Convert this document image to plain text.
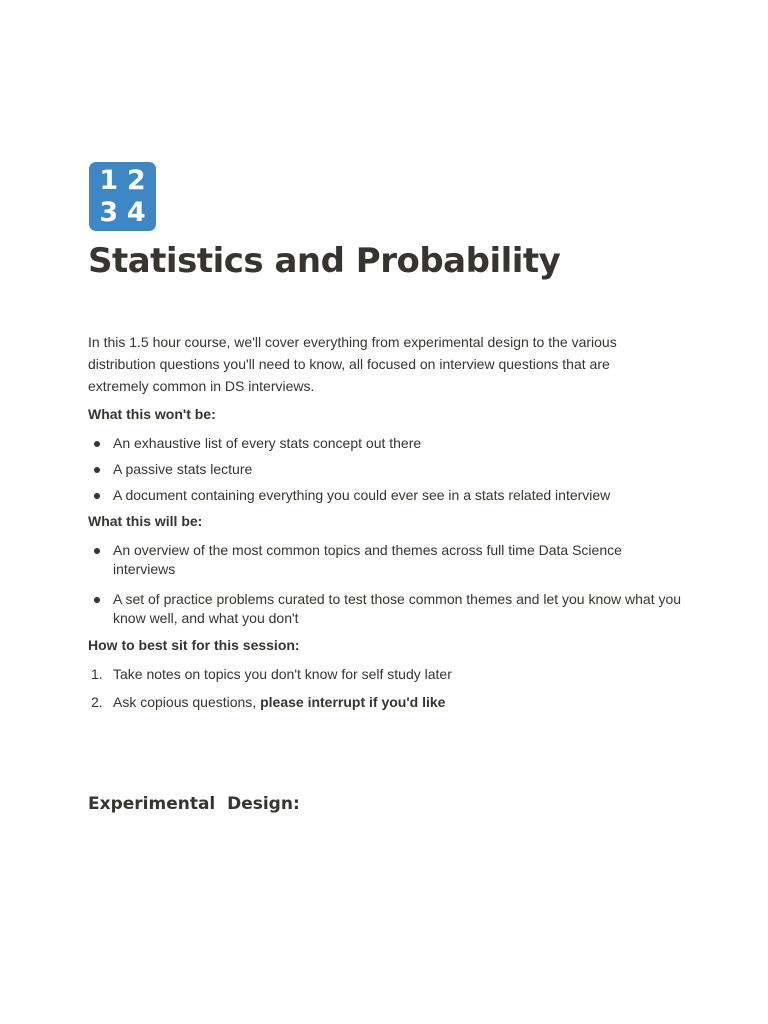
1 2
3 4
Statistics and Probability

In this 1.5 hour course, we'll cover everything from experimental design to the various distribution questions you'll need to know, all focused on interview questions that are extremely common in DS interviews.

What this won't be:

An exhaustive list of every stats concept out there
A passive stats lecture
A document containing everything you could ever see in a stats related interview

What this will be:

An overview of the most common topics and themes across full time Data Science interviews
A set of practice problems curated to test those common themes and let you know what you know well, and what you don't

How to best sit for this session:

1. Take notes on topics you don't know for self study later
2. Ask copious questions, please interrupt if you'd like
Experimental  Design:
